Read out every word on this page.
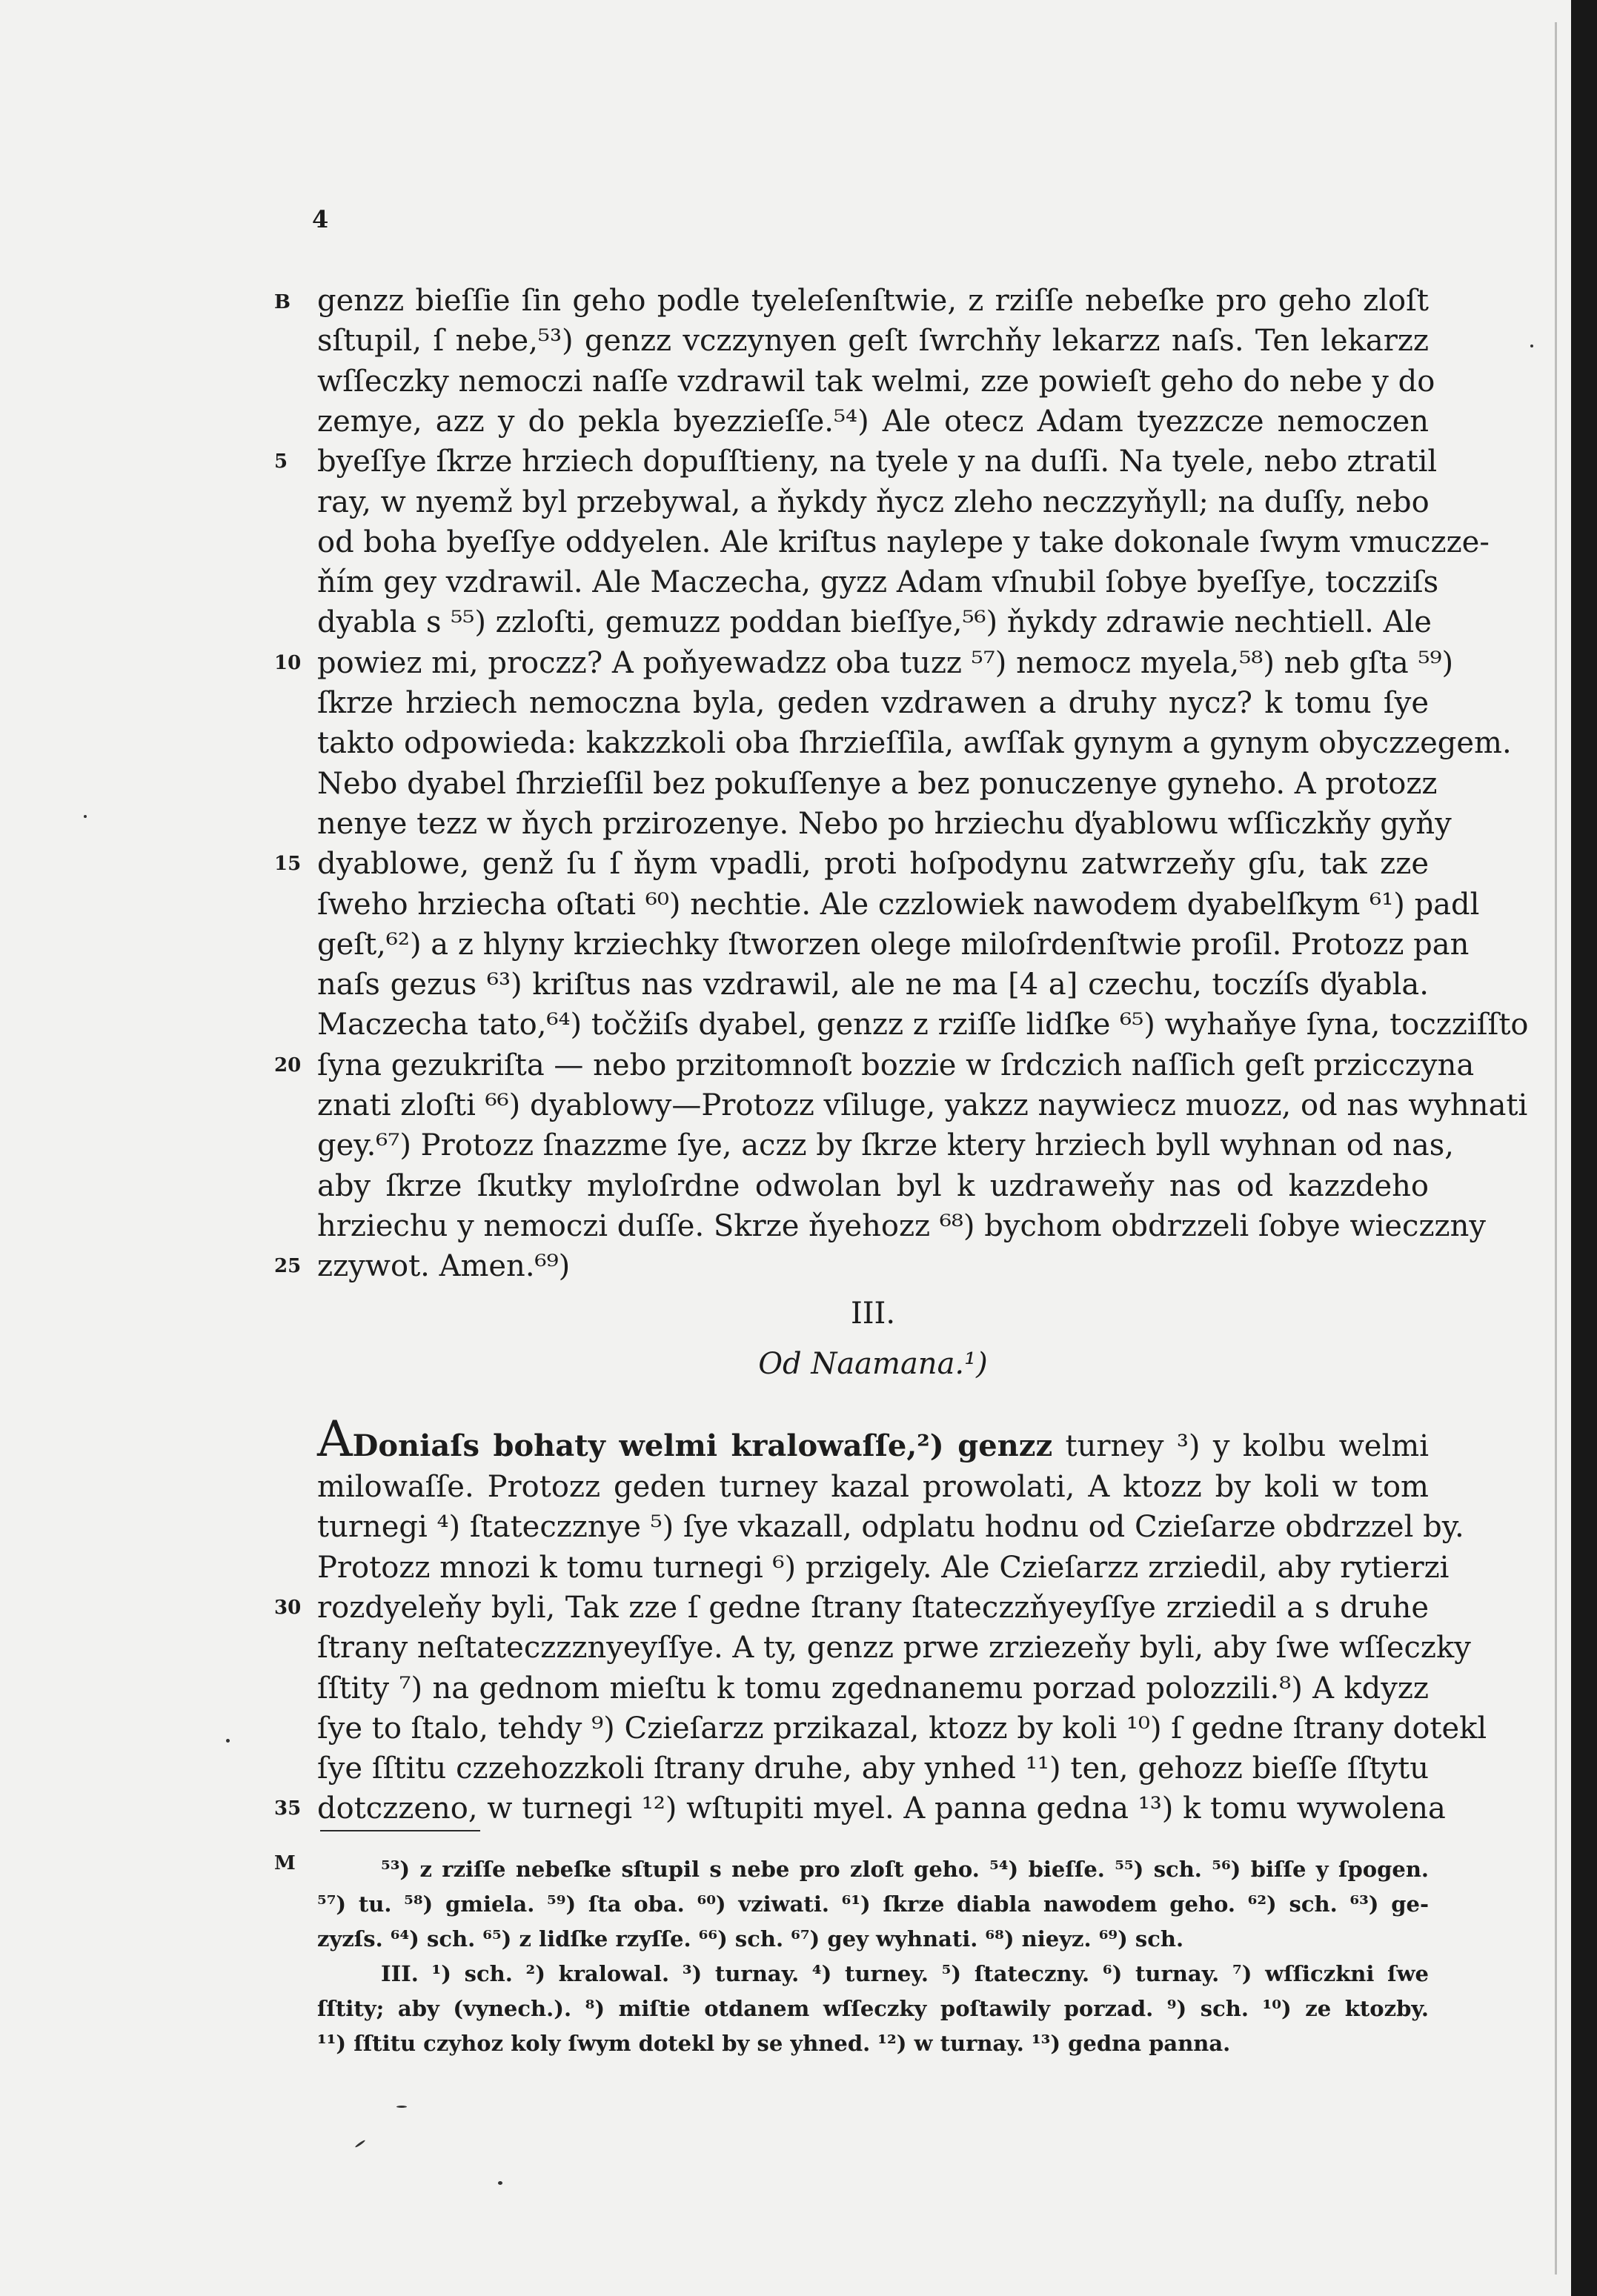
4
B genzz bieſſie ſin geho podle tyeleſenſtwie, z rziſſe nebeſke pro geho zloſt
sſtupil, ſ nebe,⁵³) genzz vczzynyen geſt ſwrchňy lekarzz naſs. Ten lekarzz
wſſeczky nemoczi naſſe vzdrawil tak welmi, zze powieſt geho do nebe y do
zemye, azz y do pekla byezzieſſe.⁵⁴) Ale otecz Adam tyezzcze nemoczen
byeſſye ſkrze hrziech dopuſſtieny, na tyele y na duſſi. Na tyele, nebo ztratil
5
ray, w nyemž byl przebywal, a ňykdy ňycz zleho neczzyňyll; na duſſy, nebo
od boha byeſſye oddyelen. Ale kriſtus naylepe y take dokonale ſwym vmuczze-
ňím gey vzdrawil. Ale Maczecha, gyzz Adam vſnubil ſobye byeſſye, toczziſs
dyabla s ⁵⁵) zzloſti, gemuzz poddan bieſſye,⁵⁶) ňykdy zdrawie nechtiell. Ale
powiez mi, proczz? A poňyewadzz oba tuzz ⁵⁷) nemocz myela,⁵⁸) neb gſta ⁵⁹)
10
ſkrze hrziech nemoczna byla, geden vzdrawen a druhy nycz? k tomu ſye
takto odpowieda: kakzzkoli oba ſhrzieſſila, awſſak gynym a gynym obyczzegem.
Nebo dyabel ſhrzieſſil bez pokuſſenye a bez ponuczenye gyneho. A protozz
nenye tezz w ňych przirozenye. Nebo po hrziechu ďyablowu wſſiczkňy gyňy
dyablowe, genž ſu ſ ňym vpadli, proti hoſpodynu zatwrzeňy gſu, tak zze
15
ſweho hrziecha oſtati ⁶⁰) nechtie. Ale czzlowiek nawodem dyabelſkym ⁶¹) padl
geſt,⁶²) a z hlyny krziechky ſtworzen olege miloſrdenſtwie proſil. Protozz pan
naſs gezus ⁶³) kriſtus nas vzdrawil, ale ne ma [4 a] czechu, toczíſs ďyabla.
Maczecha tato,⁶⁴) točžiſs dyabel, genzz z rziſſe lidſke ⁶⁵) wyhaňye ſyna, toczziſſto
ſyna gezukriſta — nebo przitomnoſt bozzie w ſrdczich naſſich geſt przicczyna
20
znati zloſti ⁶⁶) dyablowy—Protozz vſiluge, yakzz naywiecz muozz, od nas wyhnati
gey.⁶⁷) Protozz ſnazzme ſye, aczz by ſkrze ktery hrziech byll wyhnan od nas,
aby ſkrze ſkutky myloſrdne odwolan byl k uzdraweňy nas od kazzdeho
hrziechu y nemoczi duſſe. Skrze ňyehozz ⁶⁸) bychom obdrzzeli ſobye wieczzny
zzywot. Amen.⁶⁹)
25
III.
Od Naamana.¹)
ADoniaſs bohaty welmi kralowaſſe,²) genzz turney ³) y kolbu welmi
milowaſſe. Protozz geden turney kazal prowolati, A ktozz by koli w tom
turnegi ⁴) ſtateczznye ⁵) ſye vkazall, odplatu hodnu od Czieſarze obdrzzel by.
Protozz mnozi k tomu turnegi ⁶) przigely. Ale Czieſarzz zrziedil, aby rytierzi
rozdyeleňy byli, Tak zze ſ gedne ſtrany ſtateczzňyeyſſye zrziedil a s druhe
30
ſtrany neſtateczzznyeyſſye. A ty, genzz prwe zrziezeňy byli, aby ſwe wſſeczky
ſſtity ⁷) na gednom mieſtu k tomu zgednanemu porzad polozzili.⁸) A kdyzz
ſye to ſtalo, tehdy ⁹) Czieſarzz przikazal, ktozz by koli ¹⁰) ſ gedne ſtrany dotekl
ſye ſſtitu czzehozzkoli ſtrany druhe, aby ynhed ¹¹) ten, gehozz bieſſe ſſtytu
dotczzeno, w turnegi ¹²) wſtupiti myel. A panna gedna ¹³) k tomu wywolena
35
M	⁵³) z rziſſe nebeſke sſtupil s nebe pro zloſt geho. ⁵⁴) bieſſe. ⁵⁵) sch. ⁵⁶) biſſe y ſpogen.
⁵⁷) tu. ⁵⁸) gmiela. ⁵⁹) ſta oba. ⁶⁰) vziwati. ⁶¹) ſkrze diabla nawodem geho. ⁶²) sch. ⁶³) ge-
zyzſs. ⁶⁴) sch. ⁶⁵) z lidſke rzyſſe. ⁶⁶) sch. ⁶⁷) gey wyhnati. ⁶⁸) nieyz. ⁶⁹) sch.
III. ¹) sch. ²) kralowal. ³) turnay. ⁴) turney. ⁵) ſtateczny. ⁶) turnay. ⁷) wſſiczkni ſwe
ſſtity; aby (vynech.). ⁸) miſtie otdanem wſſeczky poſtawily porzad. ⁹) sch. ¹⁰) ze ktozby.
¹¹) ſſtitu czyhoz koly ſwym dotekl by se yhned. ¹²) w turnay. ¹³) gedna panna.
